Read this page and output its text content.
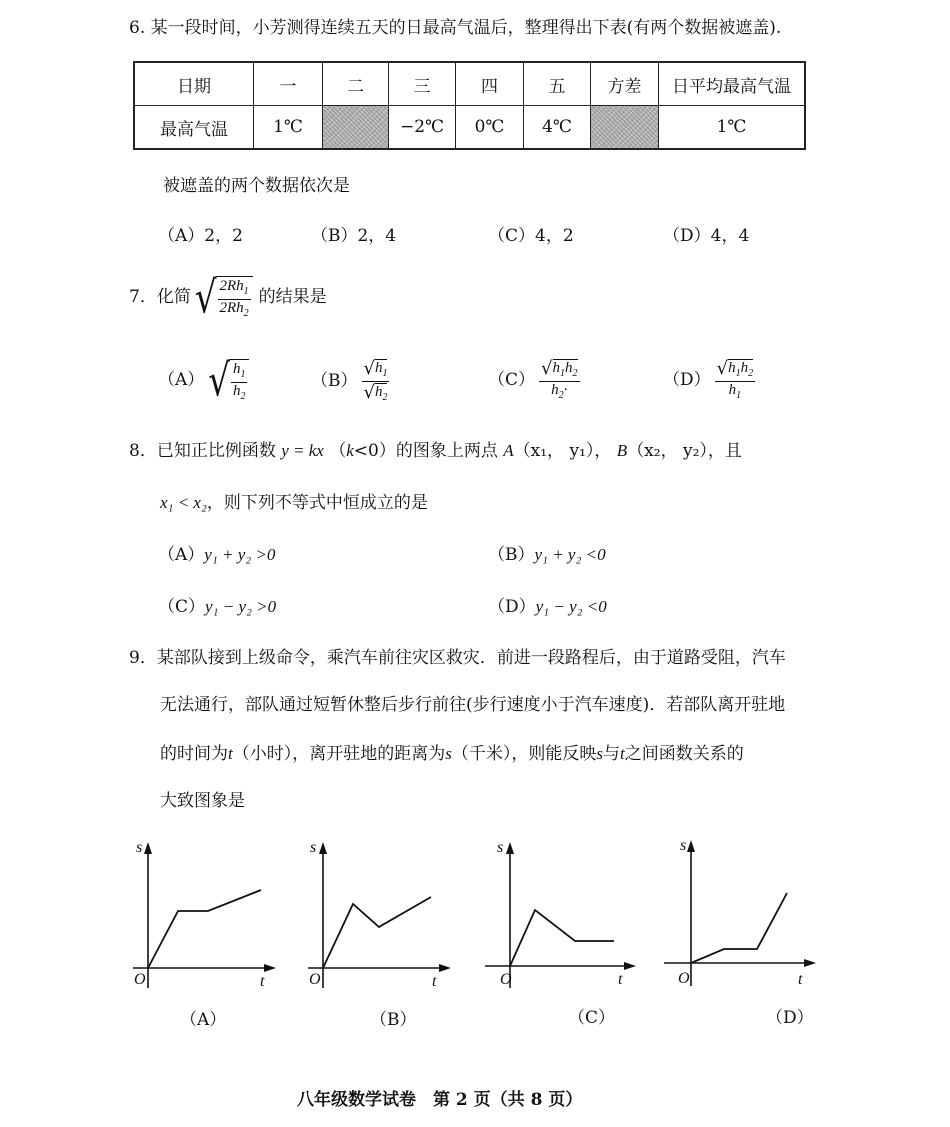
6. 某一段时间，小芳测得连续五天的日最高气温后，整理得出下表(有两个数据被遮盖).
日期	一	二	三	四	五	方差	日平均最高气温
最高气温	1℃		−2℃	0℃	4℃		1℃
被遮盖的两个数据依次是
（A）2，2	（B）2，4	（C）4，2	（D）4，4
7．化简 √ $\frac{2Rh_1}{2Rh_2}$ 的结果是
（A） √ $\frac{h_1}{h_2}$	$(B) \frac{√ h_1}{√ h_2}$	$(C) \frac{√ h_1h_2}{h_2\cdot}$	$(D) \frac{√ h_1h_2}{h_1}$
8．已知正比例函数 y = kx （k<0）的图象上两点 A（x₁， y₁）， B（x₂， y₂），且
x₁ < x₂，则下列不等式中恒成立的是
（A）y₁ + y₂ >0	（B）y₁ + y₂ <0
（C）y₁ − y₂ >0	（D）y₁ − y₂ <0
9．某部队接到上级命令，乘汽车前往灾区救灾．前进一段路程后，由于道路受阻，汽车
无法通行，部队通过短暂休整后步行前往(步行速度小于汽车速度)．若部队离开驻地
的时间为t（小时），离开驻地的距离为s（千米），则能反映s与t之间函数关系的
大致图象是
s
t
O
（A）
s
t
O
（B）
s
t
O
（C）
s
t
O
（D）
八年级数学试卷　第 2 页（共 8 页）
